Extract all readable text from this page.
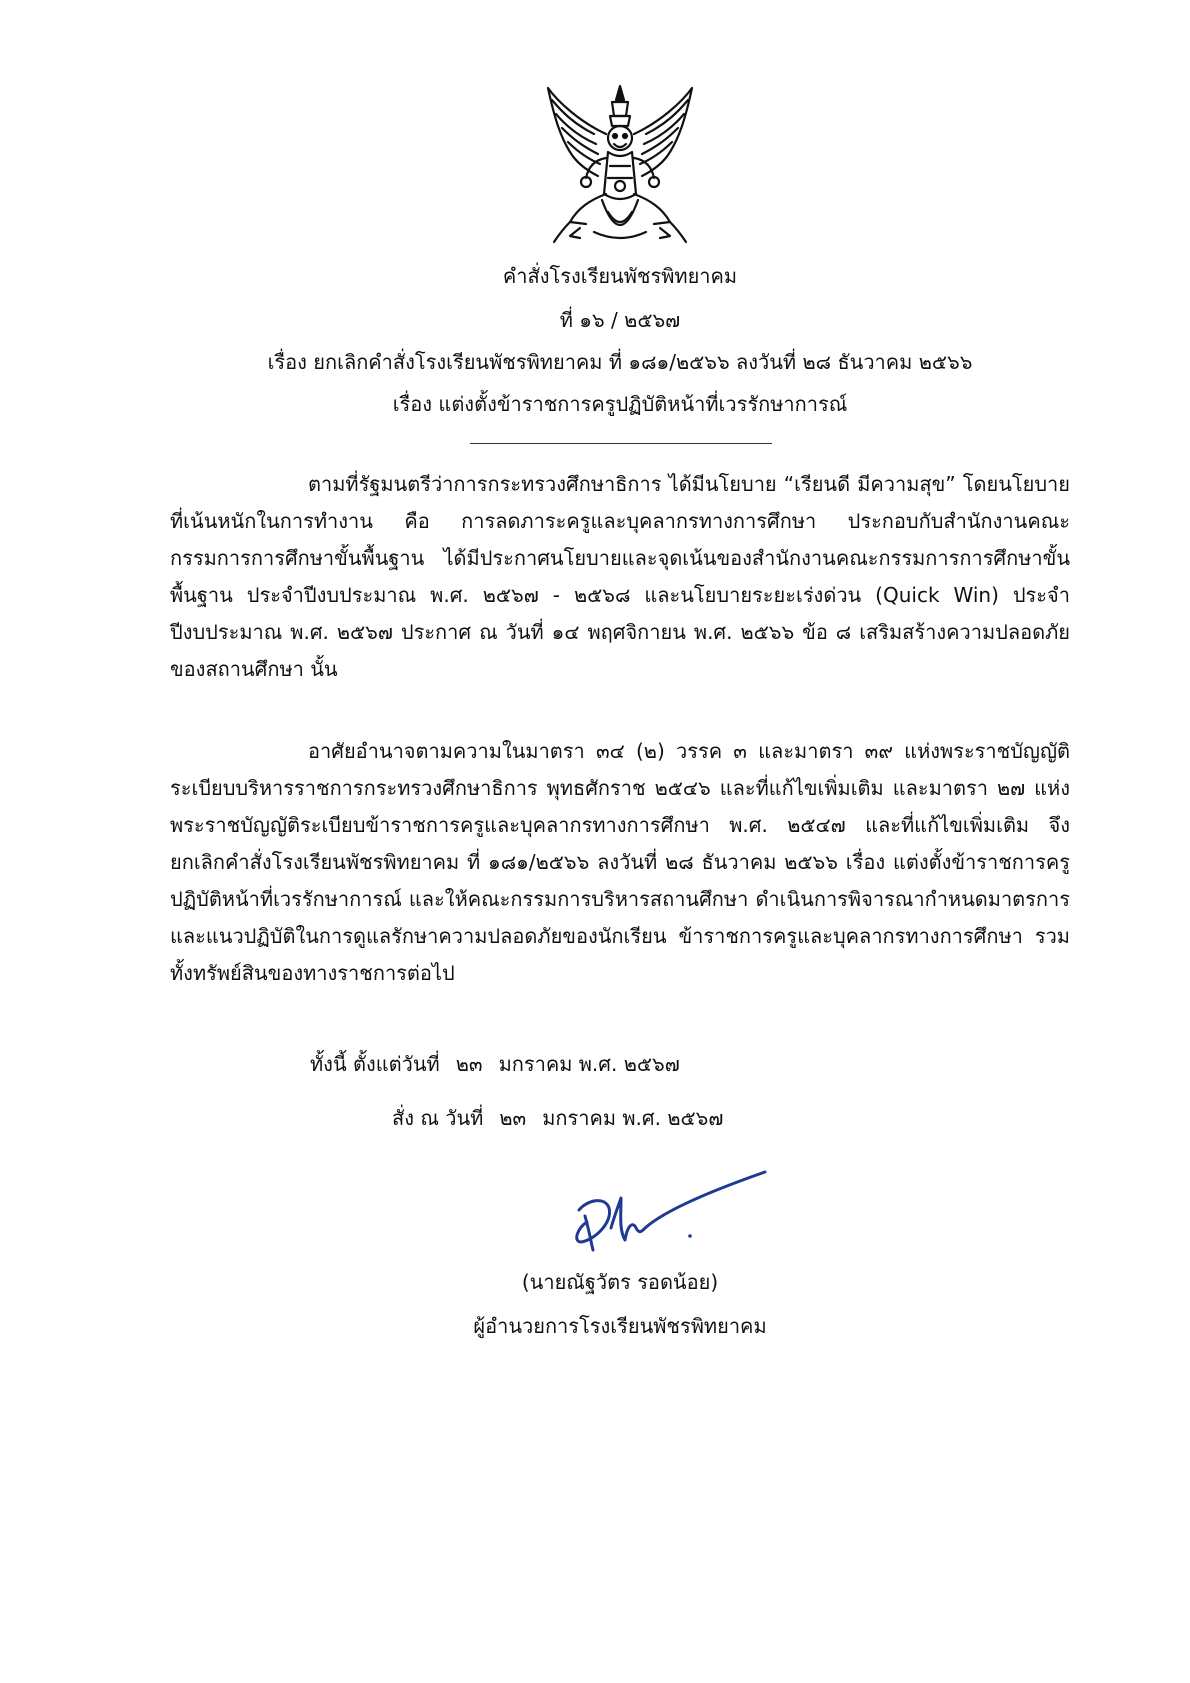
คำสั่งโรงเรียนพัชรพิทยาคม
ที่ ๑๖ / ๒๕๖๗
เรื่อง ยกเลิกคำสั่งโรงเรียนพัชรพิทยาคม ที่ ๑๘๑/๒๕๖๖ ลงวันที่ ๒๘ ธันวาคม ๒๕๖๖
เรื่อง แต่งตั้งข้าราชการครูปฏิบัติหน้าที่เวรรักษาการณ์

ตามที่รัฐมนตรีว่าการกระทรวงศึกษาธิการ ได้มีนโยบาย “เรียนดี มีความสุข” โดยนโยบายที่เน้นหนักในการทำงาน คือ การลดภาระครูและบุคลากรทางการศึกษา ประกอบกับสำนักงานคณะกรรมการการศึกษาขั้นพื้นฐาน ได้มีประกาศนโยบายและจุดเน้นของสำนักงานคณะกรรมการการศึกษาขั้นพื้นฐาน ประจำปีงบประมาณ พ.ศ. ๒๕๖๗ - ๒๕๖๘ และนโยบายระยะเร่งด่วน (Quick Win) ประจำปีงบประมาณ พ.ศ. ๒๕๖๗ ประกาศ ณ วันที่ ๑๔ พฤศจิกายน พ.ศ. ๒๕๖๖ ข้อ ๘ เสริมสร้างความปลอดภัยของสถานศึกษา นั้น

อาศัยอำนาจตามความในมาตรา ๓๔ (๒) วรรค ๓ และมาตรา ๓๙ แห่งพระราชบัญญัติระเบียบบริหารราชการกระทรวงศึกษาธิการ พุทธศักราช ๒๕๔๖ และที่แก้ไขเพิ่มเติม และมาตรา ๒๗ แห่งพระราชบัญญัติระเบียบข้าราชการครูและบุคลากรทางการศึกษา พ.ศ. ๒๕๔๗ และที่แก้ไขเพิ่มเติม จึงยกเลิกคำสั่งโรงเรียนพัชรพิทยาคม ที่ ๑๘๑/๒๕๖๖ ลงวันที่ ๒๘ ธันวาคม ๒๕๖๖ เรื่อง แต่งตั้งข้าราชการครูปฏิบัติหน้าที่เวรรักษาการณ์ และให้คณะกรรมการบริหารสถานศึกษา ดำเนินการพิจารณากำหนดมาตรการและแนวปฏิบัติในการดูแลรักษาความปลอดภัยของนักเรียน ข้าราชการครูและบุคลากรทางการศึกษา รวมทั้งทรัพย์สินของทางราชการต่อไป

ทั้งนี้ ตั้งแต่วันที่ ๒๓ มกราคม พ.ศ. ๒๕๖๗
สั่ง ณ วันที่ ๒๓ มกราคม พ.ศ. ๒๕๖๗
(นายณัฐวัตร รอดน้อย)
ผู้อำนวยการโรงเรียนพัชรพิทยาคม
